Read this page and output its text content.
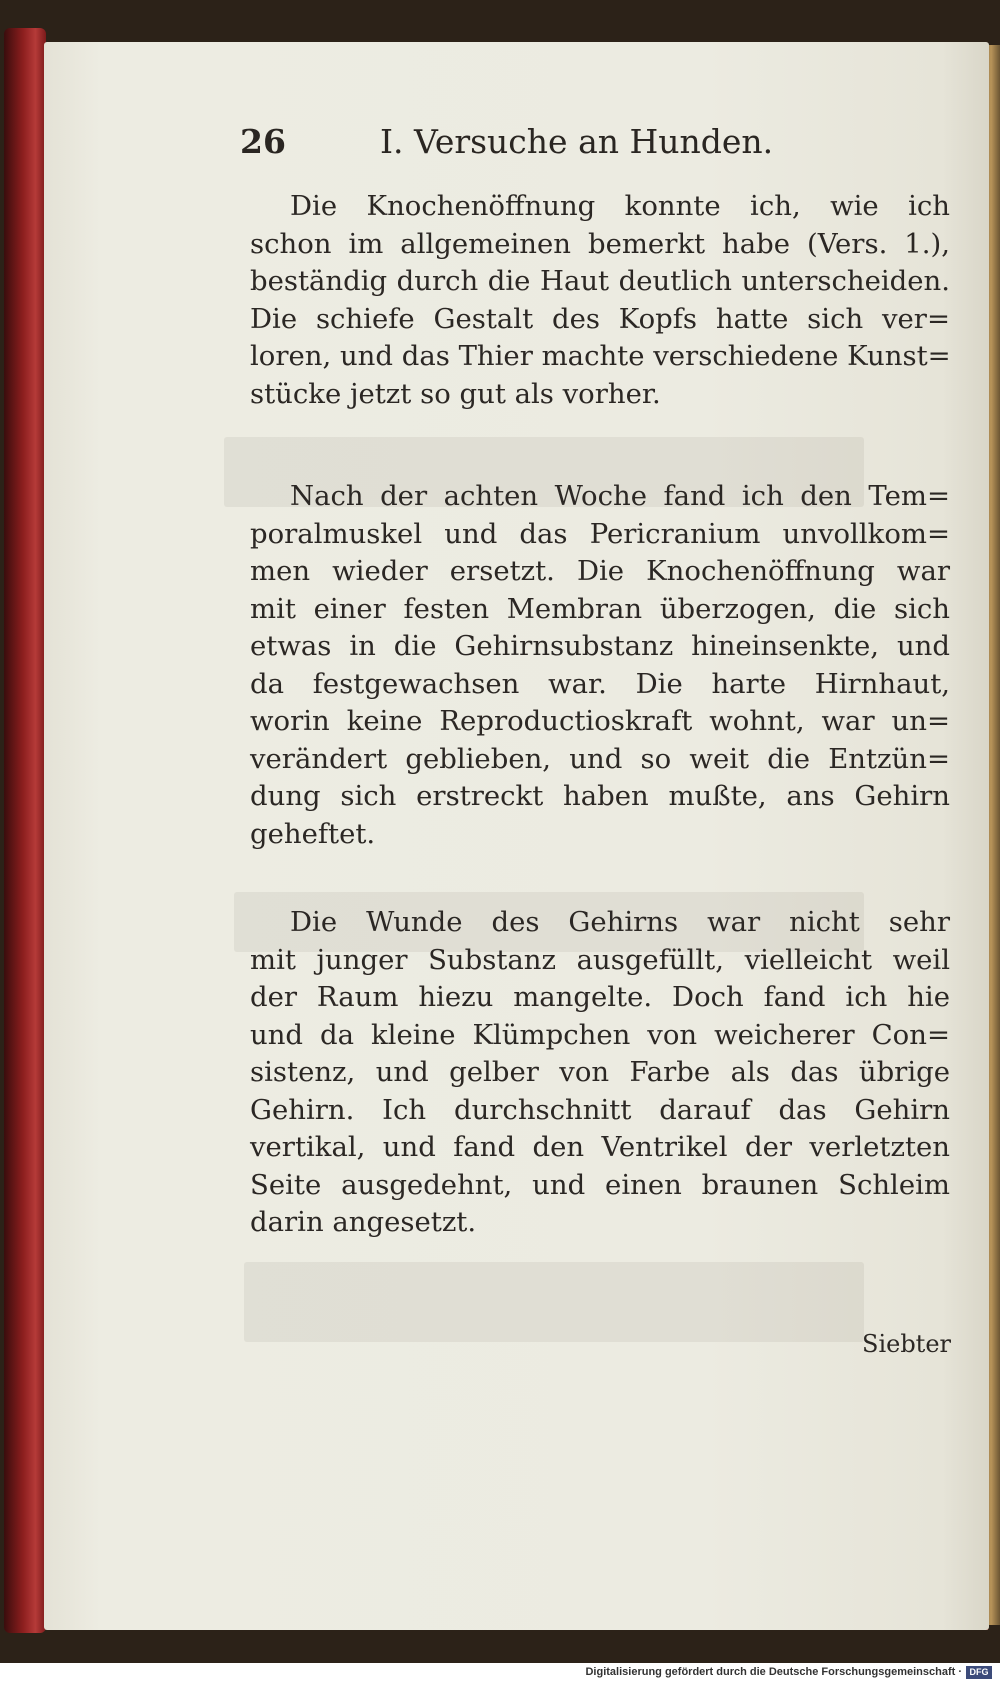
26	I. Versuche an Hunden.
Die Knochenöffnung konnte ich, wie ich
schon im allgemeinen bemerkt habe (Vers. 1.),
beständig durch die Haut deutlich unterscheiden.
Die schiefe Gestalt des Kopfs hatte sich ver=
loren, und das Thier machte verschiedene Kunst=
stücke jetzt so gut als vorher.
Nach der achten Woche fand ich den Tem=
poralmuskel und das Pericranium unvollkom=
men wieder ersetzt. Die Knochenöffnung war
mit einer festen Membran überzogen, die sich
etwas in die Gehirnsubstanz hineinsenkte, und
da festgewachsen war. Die harte Hirnhaut,
worin keine Reproductioskraft wohnt, war un=
verändert geblieben, und so weit die Entzün=
dung sich erstreckt haben mußte, ans Gehirn
geheftet.
Die Wunde des Gehirns war nicht sehr
mit junger Substanz ausgefüllt, vielleicht weil
der Raum hiezu mangelte. Doch fand ich hie
und da kleine Klümpchen von weicherer Con=
sistenz, und gelber von Farbe als das übrige
Gehirn. Ich durchschnitt darauf das Gehirn
vertikal, und fand den Ventrikel der verletzten
Seite ausgedehnt, und einen braunen Schleim
darin angesetzt.
Siebter
Digitalisierung gefördert durch die Deutsche Forschungsgemeinschaft · DFG
